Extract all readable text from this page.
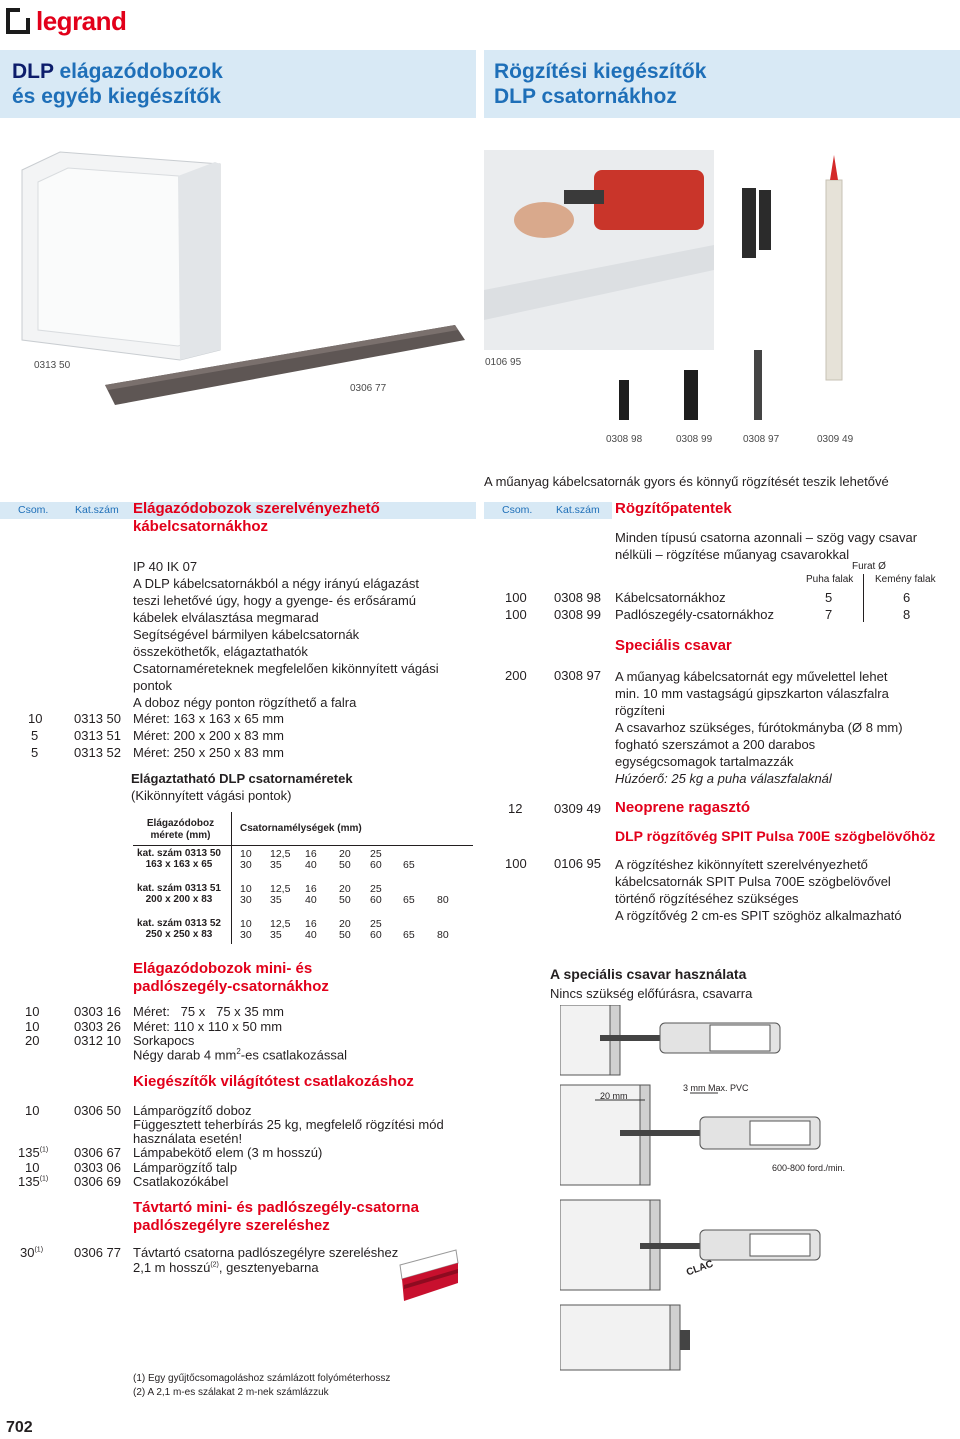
legrand
DLP elágazódobozok
és egyéb kiegészítők
Rögzítési kiegészítők
DLP csatornákhoz
0313 50
0306 77
0106 95
0308 98	0308 99	0308 97	0309 49
A műanyag kábelcsatornák gyors és könnyű rögzítését teszik lehetővé
Csom.	Kat.szám	Csom. Kat.szám
Elágazódobozok szerelvényezhető
kábelcsatornákhoz
IP 40 IK 07
A DLP kábelcsatornákból a négy irányú elágazást
teszi lehetővé úgy, hogy a gyenge- és erősáramú
kábelek elválasztása megmarad
Segítségével bármilyen kábelcsatornák
összeköthetők, elágaztathatók
Csatornaméreteknek megfelelően kikönnyített vágási
pontok
A doboz négy ponton rögzíthető a falra
10 0313 50 Méret: 163 x 163 x 65 mm
5	0313 51 Méret: 200 x 200 x 83 mm
5	0313 52 Méret: 250 x 250 x 83 mm
Elágaztatható DLP csatornaméretek
(Kikönnyített vágási pontok)
Elágazódoboz
mérete (mm)
Csatornamélységek (mm)
kat. szám 0313 50
163 x 163 x 65
10 12,5 16 20 25
30 35 40 50 60 65
kat. szám 0313 51
200 x 200 x 83
10 12,5 16 20 25
30 35 40 50 60 65 80
kat. szám 0313 52
250 x 250 x 83
10 12,5 16 20 25
30 35 40 50 60 65 80
Elágazódobozok mini- és
padlószegély-csatornákhoz
10	0303 16 Méret:   75 x   75 x 35 mm
10	0303 26 Méret: 110 x 110 x 50 mm
20	0312 10 Sorkapocs
Négy darab 4 $mm^2-es$ csatlakozással
Kiegészítők világítótest csatlakozáshoz
10	0306 50 Lámparögzítő doboz
Függesztett teherbírás 25 kg, megfelelő rögzítési mód
használata esetén!
135$^{(1)}$ 0306 67 Lámpabekötő elem (3 m hosszú)
10	0303 06 Lámparögzítő talp
135$^{(1)}$ 0306 69 Csatlakozókábel
Távtartó mini- és padlószegély-csatorna
padlószegélyre szereléshez
30$^{(1)}$ 0306 77 Távtartó csatorna padlószegélyre szereléshez
2,1 m hosszú$^{(2)}$, gesztenyebarna
Rögzítőpatentek
Minden típusú csatorna azonnali – szög vagy csavar
nélküli – rögzítése műanyag csavarokkal
Furat Ø
Puha falak Kemény falak
100 0308 98 Kábelcsatornákhoz	5	6
100 0308 99 Padlószegély-csatornákhoz	7	8
Speciális csavar
200 0308 97 A műanyag kábelcsatornát egy művelettel lehet
min. 10 mm vastagságú gipszkarton válaszfalra
rögzíteni
A csavarhoz szükséges, fúrótokmányba (Ø 8 mm)
fogható szerszámot a 200 darabos
egységcsomagok tartalmazzák
Húzóerő: 25 kg a puha válaszfalaknál
12 0309 49 Neoprene ragasztó
DLP rögzítővég SPIT Pulsa 700E szögbelövőhöz
100 0106 95 A rögzítéshez kikönnyített szerelvényezhető
kábelcsatornák SPIT Pulsa 700E szögbelövővel
történő rögzítéséhez szükséges
A rögzítővég 2 cm-es SPIT szöghöz alkalmazható
A speciális csavar használata
Nincs szükség előfúrásra, csavarra
3 mm Max. PVC
20 mm
600-800 ford./min.
CLAC
(1) Egy gyűjtőcsomagoláshoz számlázott folyóméterhossz
(2) A 2,1 m-es szálakat 2 m-nek számlázzuk
702
